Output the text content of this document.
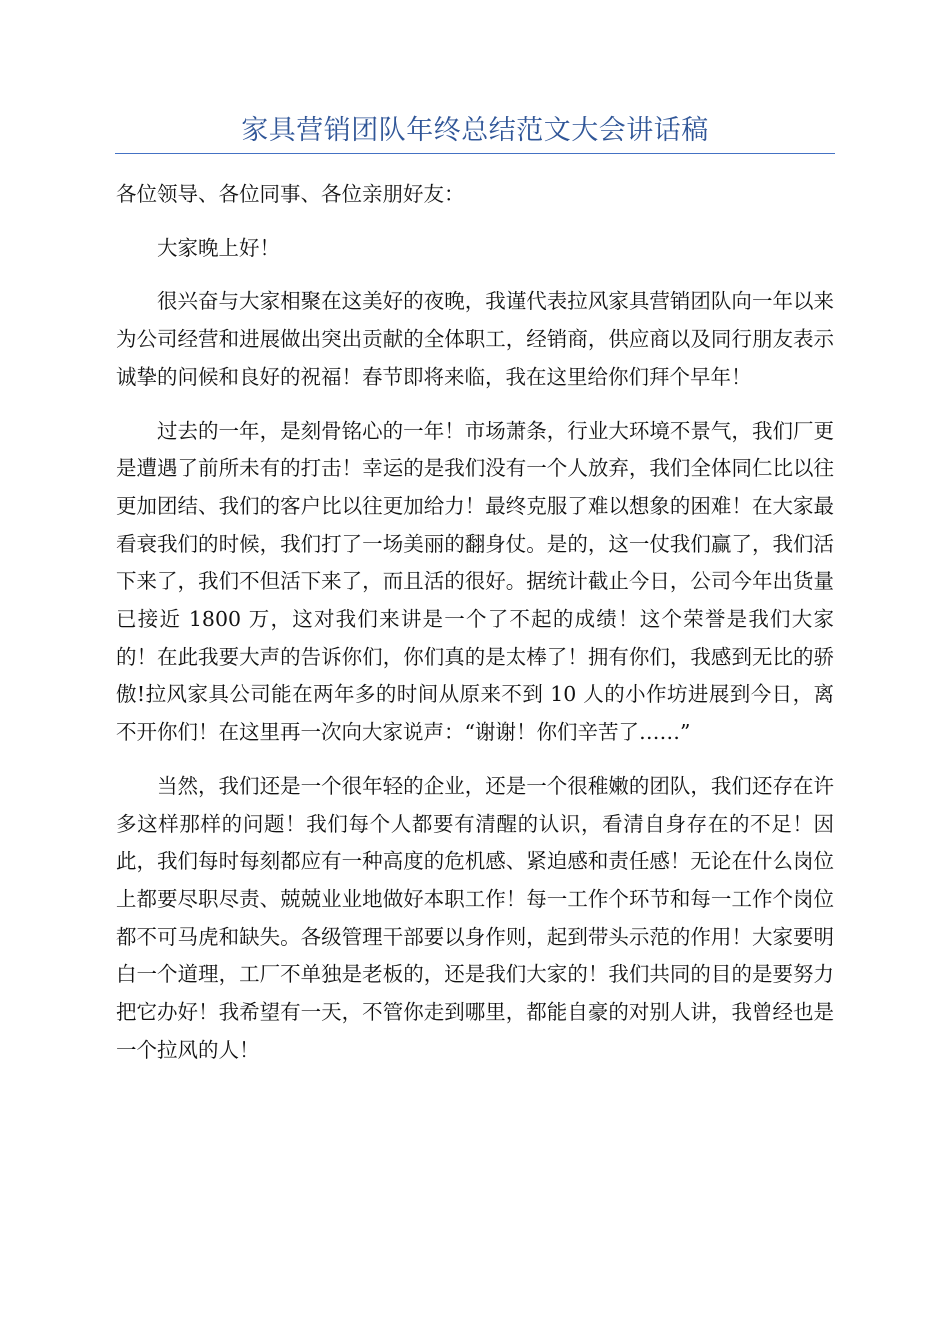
家具营销团队年终总结范文大会讲话稿

各位领导、各位同事、各位亲朋好友：

大家晚上好！

很兴奋与大家相聚在这美好的夜晚，我谨代表拉风家具营销团队向一年以来为公司经营和进展做出突出贡献的全体职工，经销商，供应商以及同行朋友表示诚挚的问候和良好的祝福！春节即将来临，我在这里给你们拜个早年！

过去的一年，是刻骨铭心的一年！市场萧条，行业大环境不景气，我们厂更是遭遇了前所未有的打击！幸运的是我们没有一个人放弃，我们全体同仁比以往更加团结、我们的客户比以往更加给力！最终克服了难以想象的困难！在大家最看衰我们的时候，我们打了一场美丽的翻身仗。是的，这一仗我们赢了，我们活下来了，我们不但活下来了，而且活的很好。据统计截止今日，公司今年出货量已接近 1800 万，这对我们来讲是一个了不起的成绩！这个荣誉是我们大家的！在此我要大声的告诉你们，你们真的是太棒了！拥有你们，我感到无比的骄傲!拉风家具公司能在两年多的时间从原来不到 10 人的小作坊进展到今日，离不开你们！在这里再一次向大家说声：“谢谢！你们辛苦了……”

当然，我们还是一个很年轻的企业，还是一个很稚嫩的团队，我们还存在许多这样那样的问题！我们每个人都要有清醒的认识，看清自身存在的不足！因此，我们每时每刻都应有一种高度的危机感、紧迫感和责任感！无论在什么岗位上都要尽职尽责、兢兢业业地做好本职工作！每一工作个环节和每一工作个岗位都不可马虎和缺失。各级管理干部要以身作则，起到带头示范的作用！大家要明白一个道理，工厂不单独是老板的，还是我们大家的！我们共同的目的是要努力把它办好！我希望有一天，不管你走到哪里，都能自豪的对别人讲，我曾经也是一个拉风的人！
